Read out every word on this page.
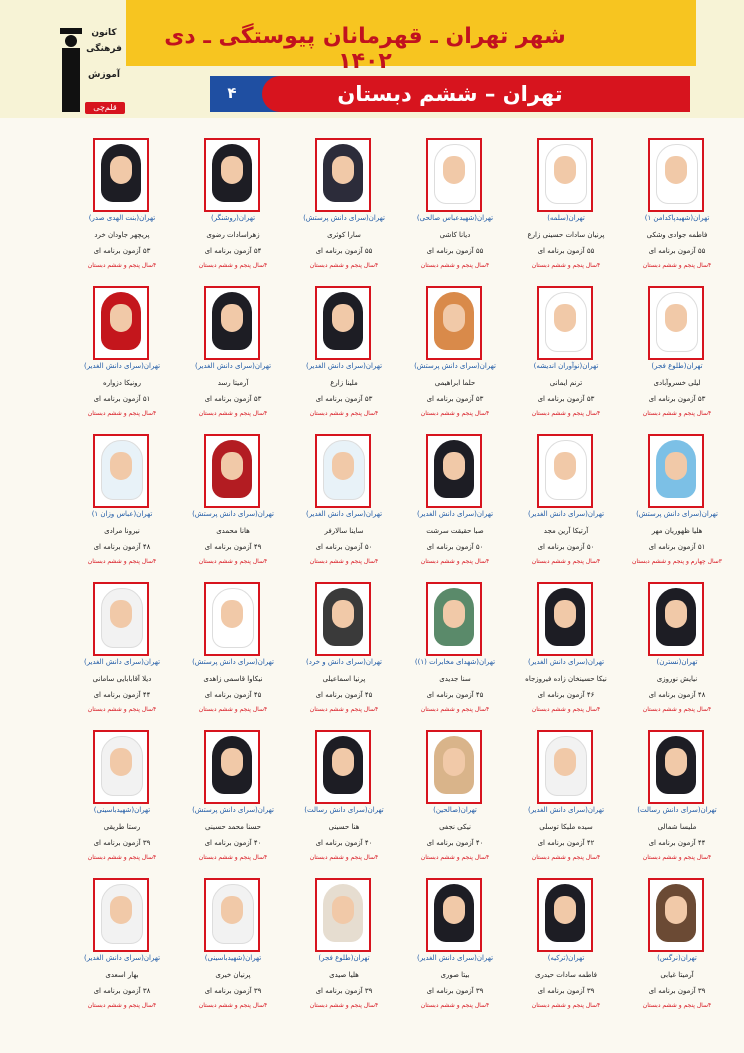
شهر تهران ـ قهرمانان پیوستگی ـ دی ۱۴۰۲
۴	تهران – ششم دبستان
کانون
فرهنگی
آموزش
قلم‌چی
تهران(شهیدپاکدامن ۱)
فاطمه جوادی وشکی
۵۵ آزمون برنامه ای
۴سال پنجم و ششم دبستان
تهران(سلمه)
پرنیان سادات حسینی زارع
۵۵ آزمون برنامه ای
۴سال پنجم و ششم دبستان
تهران(شهیدعباس صالحی)
دیانا کاشی
۵۵ آزمون برنامه ای
۴سال پنجم و ششم دبستان
تهران(سرای دانش پرستش)
سارا کوثری
۵۵ آزمون برنامه ای
۴سال پنجم و ششم دبستان
تهران(روشنگر)
زهراسادات رضوی
۵۴ آزمون برنامه ای
۴سال پنجم و ششم دبستان
تهران(بنت الهدی صدر)
پریچهر جاودان خرد
۵۳ آزمون برنامه ای
۴سال پنجم و ششم دبستان
تهران(طلوع فجر)
لیلی خسروآبادی
۵۳ آزمون برنامه ای
۴سال پنجم و ششم دبستان
تهران(نوآوران اندیشه)
ترنم ایمانی
۵۳ آزمون برنامه ای
۴سال پنجم و ششم دبستان
تهران(سرای دانش پرستش)
حلما ابراهیمی
۵۳ آزمون برنامه ای
۴سال پنجم و ششم دبستان
تهران(سرای دانش الغدیر)
ملینا زارع
۵۳ آزمون برنامه ای
۴سال پنجم و ششم دبستان
تهران(سرای دانش الغدیر)
آرمیتا رسد
۵۳ آزمون برنامه ای
۴سال پنجم و ششم دبستان
تهران(سرای دانش الغدیر)
رونیکا دزواره
۵۱ آزمون برنامه ای
۴سال پنجم و ششم دبستان
تهران(سرای دانش پرستش)
هلیا ظهوریان مهر
۵۱ آزمون برنامه ای
۳سال چهارم و پنجم و ششم دبستان
تهران(سرای دانش الغدیر)
آرتیکا آرین مجد
۵۰ آزمون برنامه ای
۴سال پنجم و ششم دبستان
تهران(سرای دانش الغدیر)
صبا حقیقت سرشت
۵۰ آزمون برنامه ای
۴سال پنجم و ششم دبستان
تهران(سرای دانش الغدیر)
ساینا سالارفر
۵۰ آزمون برنامه ای
۴سال پنجم و ششم دبستان
تهران(سرای دانش پرستش)
هانا محمدی
۴۹ آزمون برنامه ای
۴سال پنجم و ششم دبستان
تهران(عباس وزان ۱)
نیرونا مرادی
۴۸ آزمون برنامه ای
۴سال پنجم و ششم دبستان
تهران(نسترن)
نیایش نوروزی
۴۸ آزمون برنامه ای
۴سال پنجم و ششم دبستان
تهران(سرای دانش الغدیر)
نیکا حسینخان زاده فیروزجاه
۴۶ آزمون برنامه ای
۴سال پنجم و ششم دبستان
تهران(شهدای مخابرات (۱))
سنا جدیدی
۴۵ آزمون برنامه ای
۴سال پنجم و ششم دبستان
تهران(سرای دانش و خرد)
پرنیا اسماعیلی
۴۵ آزمون برنامه ای
۴سال پنجم و ششم دبستان
تهران(سرای دانش پرستش)
نیکاوا قاسمی زاهدی
۴۵ آزمون برنامه ای
۴سال پنجم و ششم دبستان
تهران(سرای دانش الغدیر)
دیلا آقابابایی سامانی
۴۴ آزمون برنامه ای
۴سال پنجم و ششم دبستان
تهران(سرای دانش رسالت)
ملیسا شمالی
۴۴ آزمون برنامه ای
۴سال پنجم و ششم دبستان
تهران(سرای دانش الغدیر)
سیده ملیکا توسلی
۴۲ آزمون برنامه ای
۴سال پنجم و ششم دبستان
تهران(صالحین)
نیکی نجفی
۴۰ آزمون برنامه ای
۴سال پنجم و ششم دبستان
تهران(سرای دانش رسالت)
هنا حسینی
۴۰ آزمون برنامه ای
۴سال پنجم و ششم دبستان
تهران(سرای دانش پرستش)
حسنا محمد حسینی
۴۰ آزمون برنامه ای
۴سال پنجم و ششم دبستان
تهران(شهیدباسینی)
رستا طریقی
۳۹ آزمون برنامه ای
۴سال پنجم و ششم دبستان
تهران(نرگس)
آرمیتا غیابی
۳۹ آزمون برنامه ای
۴سال پنجم و ششم دبستان
تهران(ترکیه)
فاطمه سادات حیدری
۳۹ آزمون برنامه ای
۴سال پنجم و ششم دبستان
تهران(سرای دانش الغدیر)
بیتا صوری
۳۹ آزمون برنامه ای
۴سال پنجم و ششم دبستان
تهران(طلوع فجر)
هلیا صیدی
۳۹ آزمون برنامه ای
۴سال پنجم و ششم دبستان
تهران(شهیدباسینی)
پرنیان خیری
۳۹ آزمون برنامه ای
۴سال پنجم و ششم دبستان
تهران(سرای دانش الغدیر)
بهار اسعدی
۳۸ آزمون برنامه ای
۴سال پنجم و ششم دبستان
